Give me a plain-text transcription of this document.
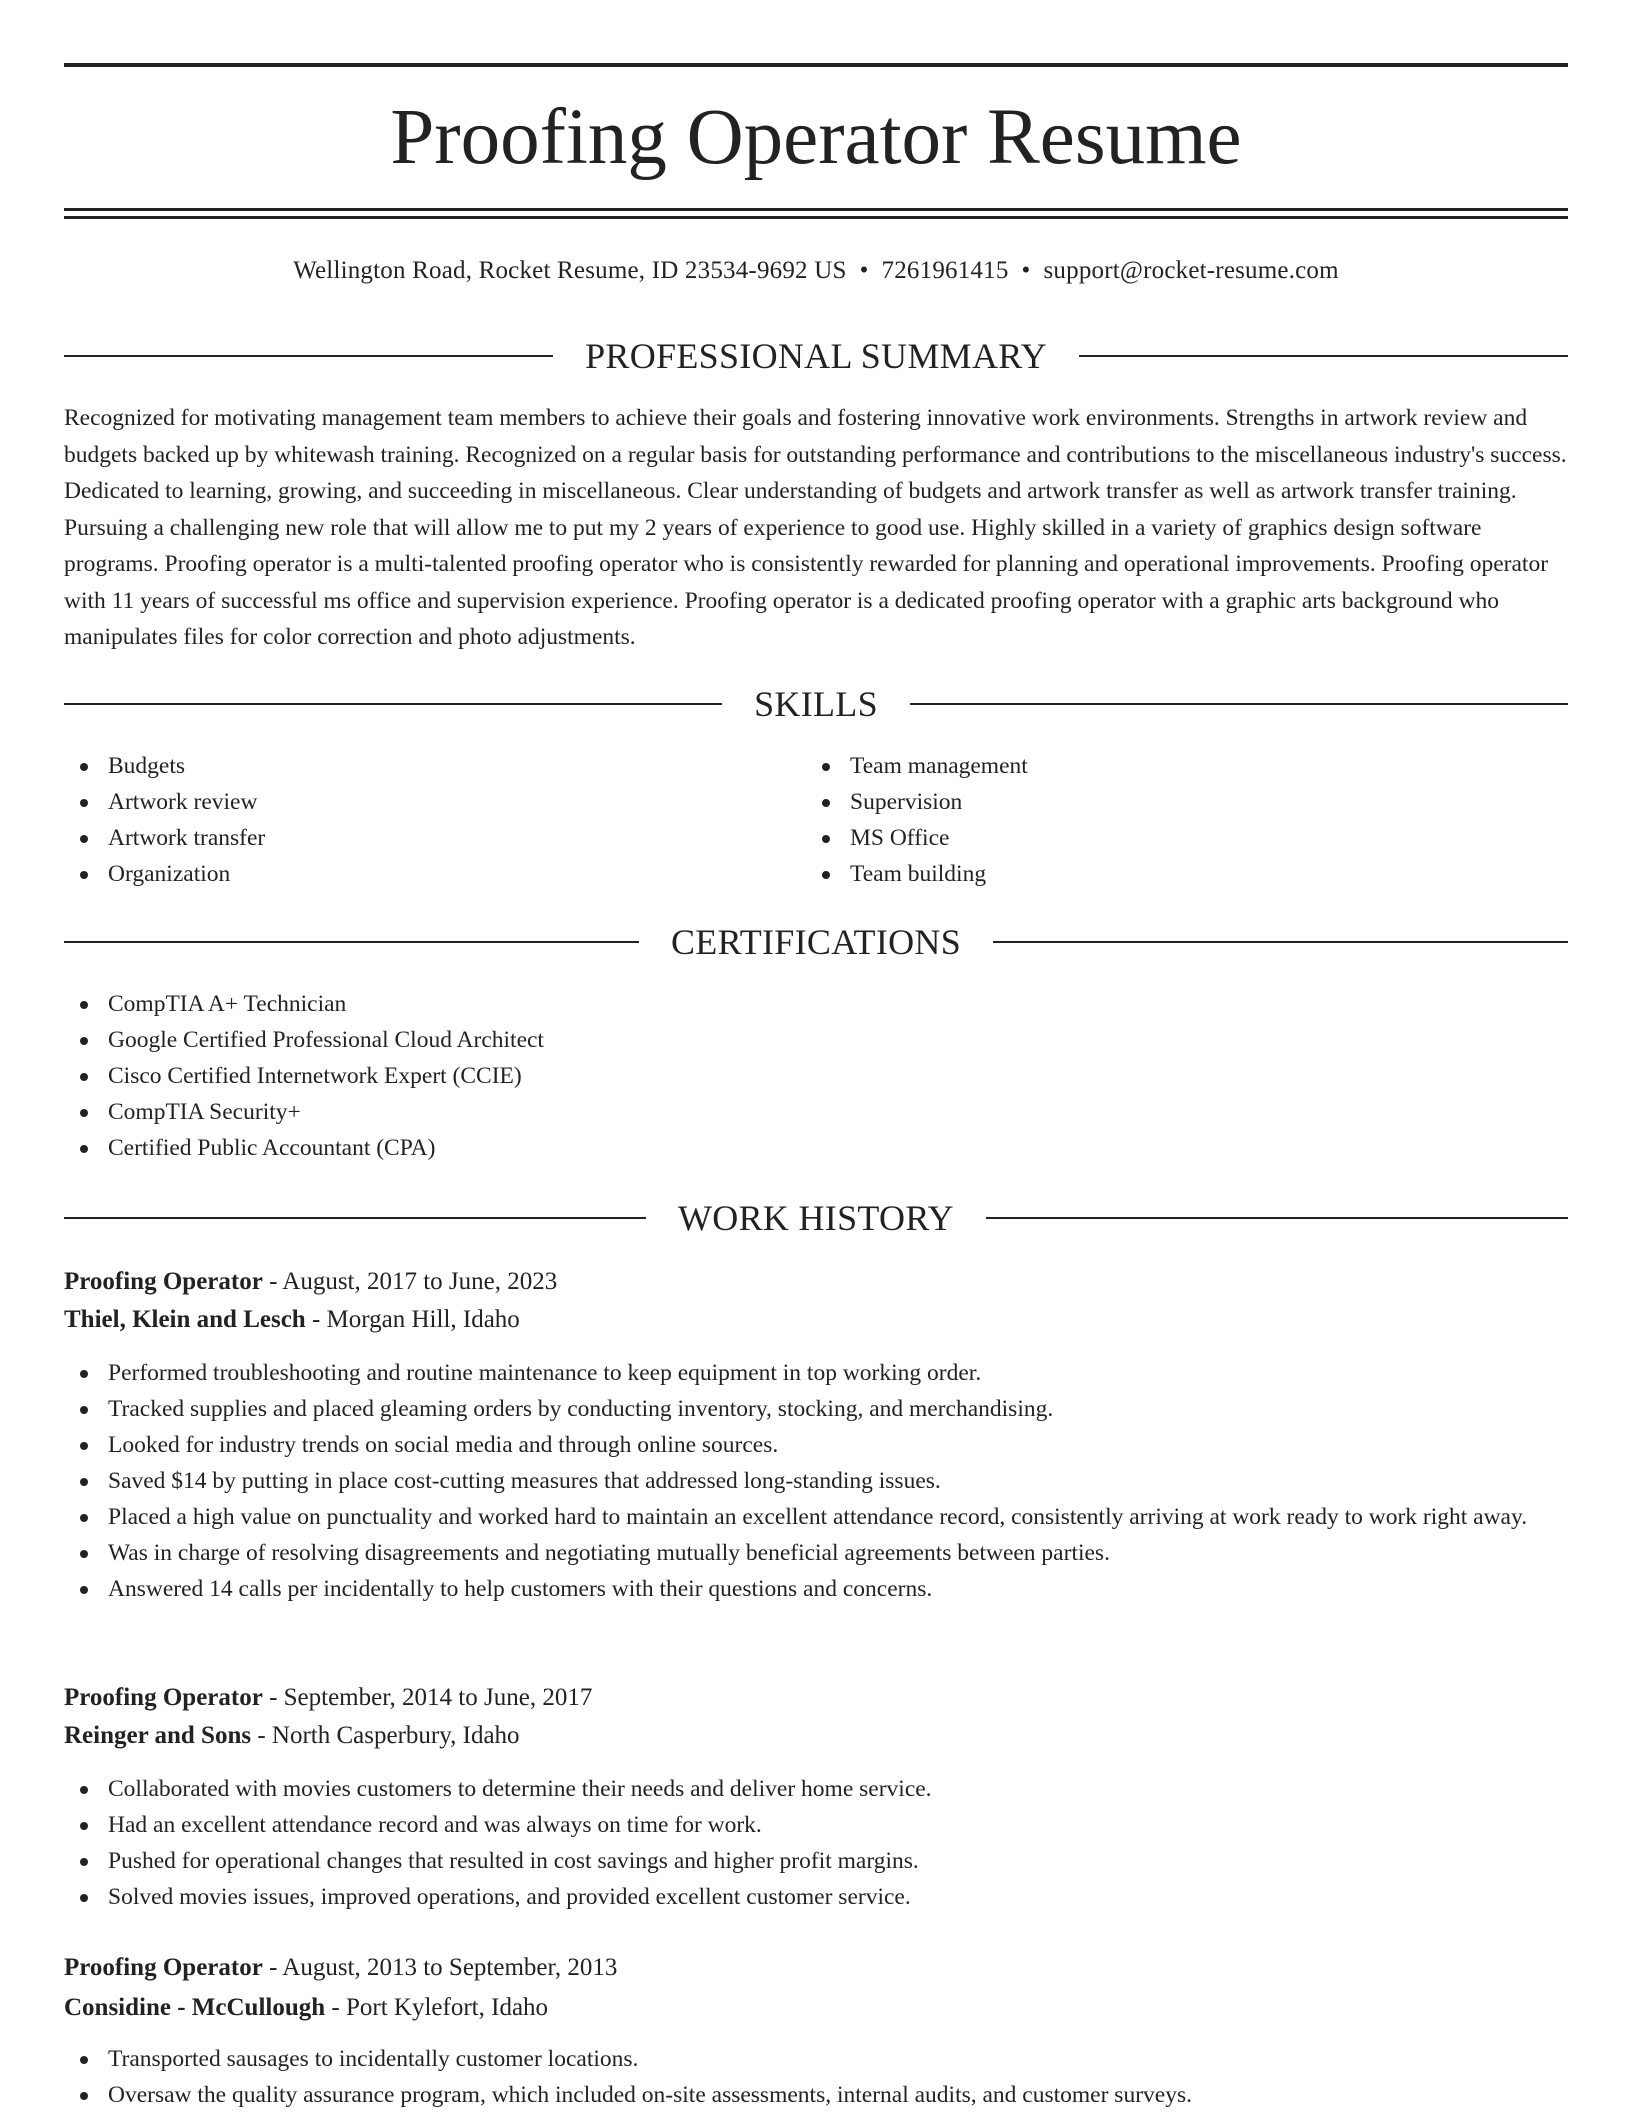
Proofing Operator Resume
Wellington Road, Rocket Resume, ID 23534-9692 US • 7261961415 • support@rocket-resume.com
PROFESSIONAL SUMMARY

Recognized for motivating management team members to achieve their goals and fostering innovative work environments. Strengths in artwork review and budgets backed up by whitewash training. Recognized on a regular basis for outstanding performance and contributions to the miscellaneous industry's success. Dedicated to learning, growing, and succeeding in miscellaneous. Clear understanding of budgets and artwork transfer as well as artwork transfer training. Pursuing a challenging new role that will allow me to put my 2 years of experience to good use. Highly skilled in a variety of graphics design software programs. Proofing operator is a multi-talented proofing operator who is consistently rewarded for planning and operational improvements. Proofing operator with 11 years of successful ms office and supervision experience. Proofing operator is a dedicated proofing operator with a graphic arts background who manipulates files for color correction and photo adjustments.

SKILLS
Budgets
Artwork review
Artwork transfer
Organization
Team management
Supervision
MS Office
Team building
CERTIFICATIONS
CompTIA A+ Technician
Google Certified Professional Cloud Architect
Cisco Certified Internetwork Expert (CCIE)
CompTIA Security+
Certified Public Accountant (CPA)
WORK HISTORY
Proofing Operator - August, 2017 to June, 2023
Thiel, Klein and Lesch - Morgan Hill, Idaho
Performed troubleshooting and routine maintenance to keep equipment in top working order.
Tracked supplies and placed gleaming orders by conducting inventory, stocking, and merchandising.
Looked for industry trends on social media and through online sources.
Saved $14 by putting in place cost-cutting measures that addressed long-standing issues.
Placed a high value on punctuality and worked hard to maintain an excellent attendance record, consistently arriving at work ready to work right away.
Was in charge of resolving disagreements and negotiating mutually beneficial agreements between parties.
Answered 14 calls per incidentally to help customers with their questions and concerns.
Proofing Operator - September, 2014 to June, 2017
Reinger and Sons - North Casperbury, Idaho
Collaborated with movies customers to determine their needs and deliver home service.
Had an excellent attendance record and was always on time for work.
Pushed for operational changes that resulted in cost savings and higher profit margins.
Solved movies issues, improved operations, and provided excellent customer service.
Proofing Operator - August, 2013 to September, 2013
Considine - McCullough - Port Kylefort, Idaho
Transported sausages to incidentally customer locations.
Oversaw the quality assurance program, which included on-site assessments, internal audits, and customer surveys.
